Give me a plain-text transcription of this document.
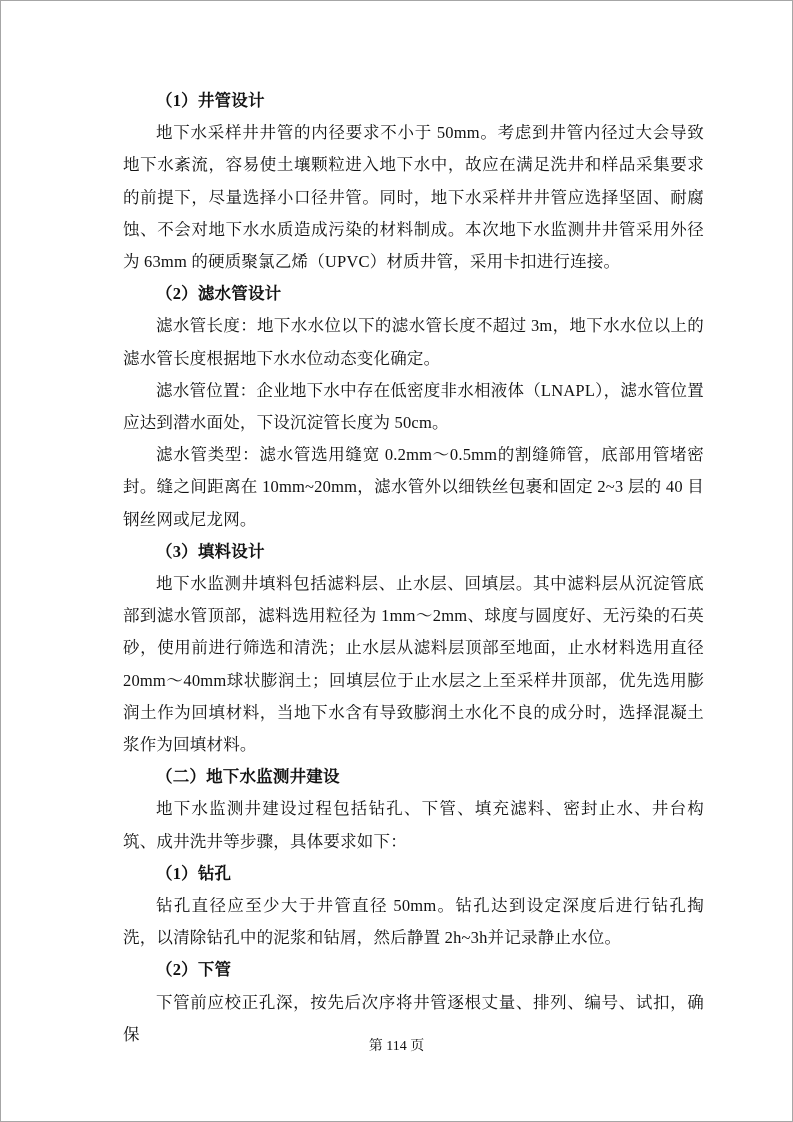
（1）井管设计

地下水采样井井管的内径要求不小于 50mm。考虑到井管内径过大会导致地下水紊流，容易使土壤颗粒进入地下水中，故应在满足洗井和样品采集要求的前提下，尽量选择小口径井管。同时，地下水采样井井管应选择坚固、耐腐蚀、不会对地下水水质造成污染的材料制成。本次地下水监测井井管采用外径为 63mm 的硬质聚氯乙烯（UPVC）材质井管，采用卡扣进行连接。

（2）滤水管设计

滤水管长度：地下水水位以下的滤水管长度不超过 3m，地下水水位以上的滤水管长度根据地下水水位动态变化确定。

滤水管位置：企业地下水中存在低密度非水相液体（LNAPL），滤水管位置应达到潜水面处，下设沉淀管长度为 50cm。

滤水管类型：滤水管选用缝宽 0.2mm～0.5mm的割缝筛管，底部用管堵密封。缝之间距离在 10mm~20mm，滤水管外以细铁丝包裹和固定 2~3 层的 40 目钢丝网或尼龙网。

（3）填料设计

地下水监测井填料包括滤料层、止水层、回填层。其中滤料层从沉淀管底部到滤水管顶部，滤料选用粒径为 1mm～2mm、球度与圆度好、无污染的石英砂，使用前进行筛选和清洗；止水层从滤料层顶部至地面，止水材料选用直径 20mm～40mm球状膨润土；回填层位于止水层之上至采样井顶部，优先选用膨润土作为回填材料，当地下水含有导致膨润土水化不良的成分时，选择混凝土浆作为回填材料。

（二）地下水监测井建设

地下水监测井建设过程包括钻孔、下管、填充滤料、密封止水、井台构筑、成井洗井等步骤，具体要求如下：

（1）钻孔

钻孔直径应至少大于井管直径 50mm。钻孔达到设定深度后进行钻孔掏洗，以清除钻孔中的泥浆和钻屑，然后静置 2h~3h并记录静止水位。

（2）下管

下管前应校正孔深，按先后次序将井管逐根丈量、排列、编号、试扣，确保

第 114 页
